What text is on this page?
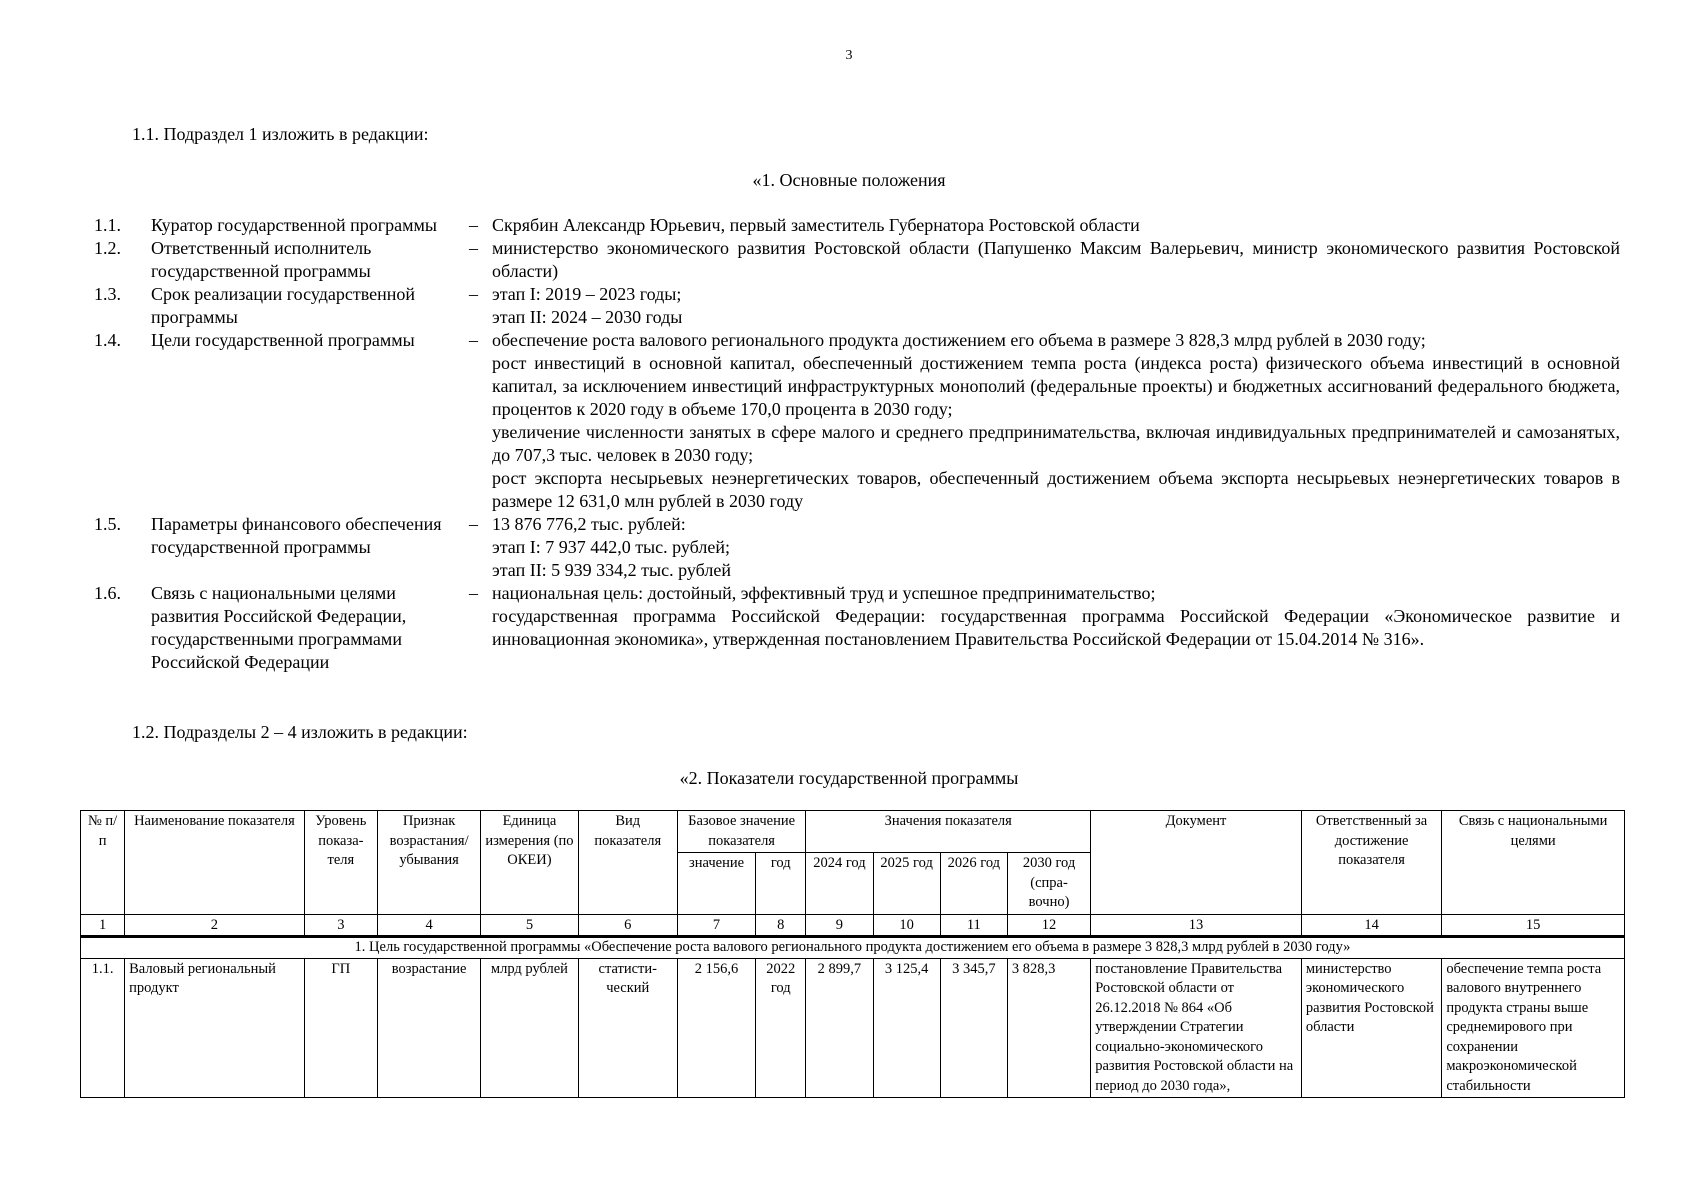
3
1.1. Подраздел 1 изложить в редакции:
«1. Основные положения
1.1.	Куратор государственной программы	–	Скрябин Александр Юрьевич, первый заместитель Губернатора Ростовской области

1.2.	Ответственный исполнитель государственной программы	–	министерство экономического развития Ростовской области (Папушенко Максим Валерьевич, министр экономического развития Ростовской области)

1.3.	Срок реализации государственной программы	–	этап I: 2019 – 2023 годы;
этап II: 2024 – 2030 годы

1.4.	Цели государственной программы	–	обеспечение роста валового регионального продукта достижением его объема в размере 3 828,3 млрд рублей в 2030 году;
рост инвестиций в основной капитал, обеспеченный достижением темпа роста (индекса роста) физического объема инвестиций в основной капитал, за исключением инвестиций инфраструктурных монополий (федеральные проекты) и бюджетных ассигнований федерального бюджета, процентов к 2020 году в объеме 170,0 процента в 2030 году;
увеличение численности занятых в сфере малого и среднего предпринимательства, включая индивидуальных предпринимателей и самозанятых, до 707,3 тыс. человек в 2030 году;
рост экспорта несырьевых неэнергетических товаров, обеспеченный достижением объема экспорта несырьевых неэнергетических товаров в размере 12 631,0 млн рублей в 2030 году

1.5.	Параметры финансового обеспечения государственной программы	–	13 876 776,2 тыс. рублей:
этап I: 7 937 442,0 тыс. рублей;
этап II: 5 939 334,2 тыс. рублей

1.6.	Связь с национальными целями развития Российской Федерации, государственными программами Российской Федерации	–	национальная цель: достойный, эффективный труд и успешное предпринимательство;
государственная программа Российской Федерации: государственная программа Российской Федерации «Экономическое развитие и инновационная экономика», утвержденная постановлением Правительства Российской Федерации от 15.04.2014 № 316».
1.2. Подразделы 2 – 4 изложить в редакции:
«2. Показатели государственной программы
№ п/п	Наименование показателя	Уровень показа-теля	Признак возрастания/ убывания	Единица измерения (по ОКЕИ)	Вид показателя	Базовое значение показателя		Значения показателя				Документ	Ответственный за достижение показателя	Связь с национальными целями
						значение	год	2024 год	2025 год	2026 год	2030 год (спра-вочно)			
1	2	3	4	5	6	7	8	9	10	11	12	13	14	15
1. Цель государственной программы «Обеспечение роста валового регионального продукта достижением его объема в размере 3 828,3 млрд рублей в 2030 году»														
1.1.	Валовый региональный продукт	ГП	возрастание	млрд рублей	статисти-ческий	2 156,6	2022 год	2 899,7	3 125,4	3 345,7	3 828,3	постановление Правительства Ростовской области от 26.12.2018 № 864 «Об утверждении Стратегии социально-экономического развития Ростовской области на период до 2030 года»,	министерство экономического развития Ростовской области	обеспечение темпа роста валового внутреннего продукта страны выше среднемирового при сохранении макроэкономической стабильности
